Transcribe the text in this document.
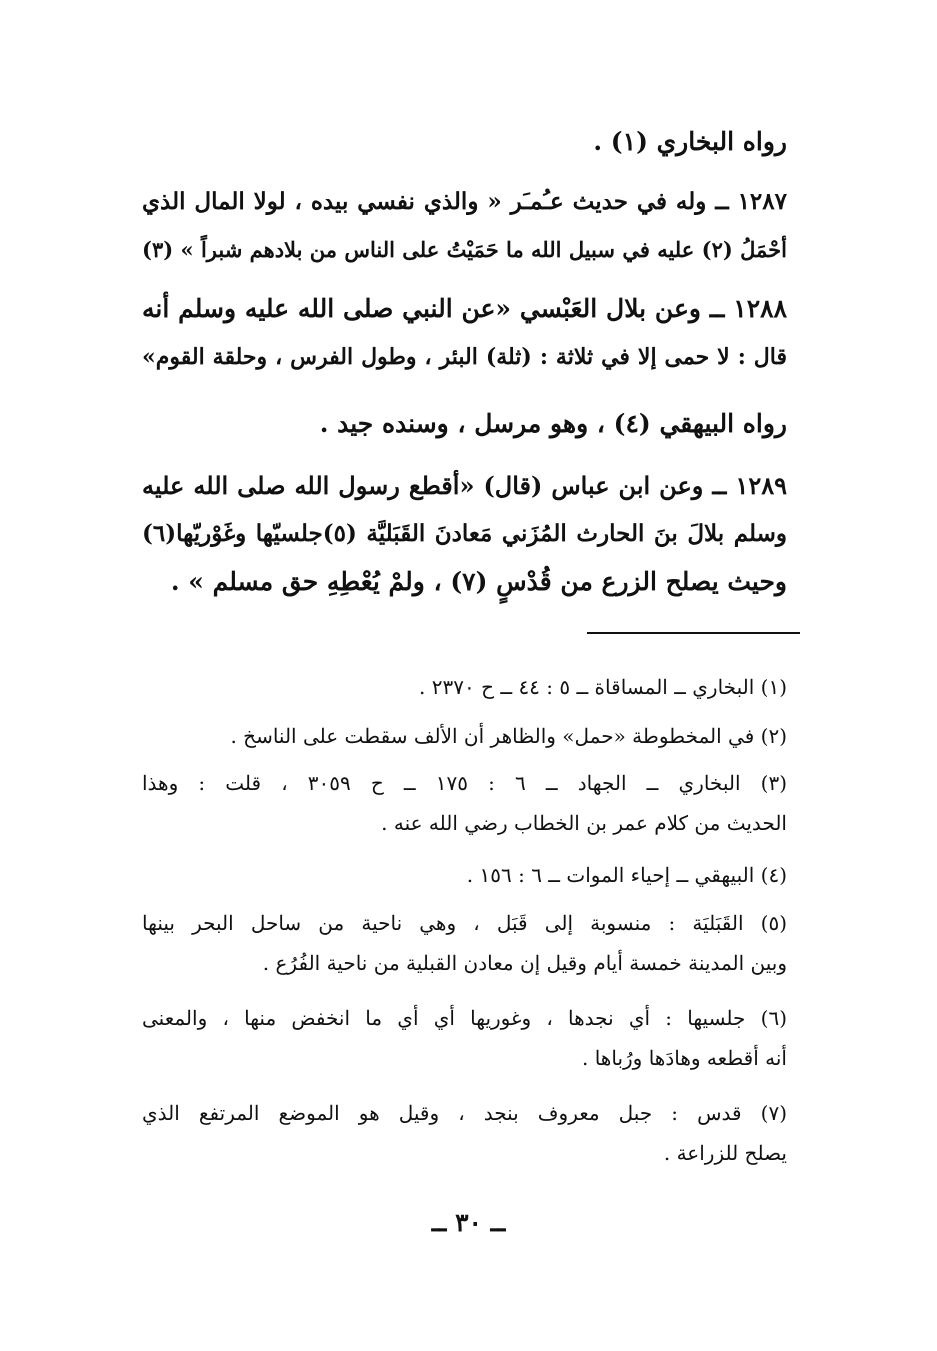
رواه البخاري (١) .
١٢٨٧ ــ وله في حديث عـُمـَر « والذي نفسي بيده ، لولا المال الذي
أحْمَلُ (٢) عليه في سبيل الله ما حَمَيْتُ على الناس من بلادهم شبراً » (٣)
١٢٨٨ ــ وعن بلال العَبْسي «عن النبي صلى الله عليه وسلم أنه
قال : لا حمى إلا في ثلاثة : (ثلة) البئر ، وطول الفرس ، وحلقة القوم»
رواه البيهقي (٤) ، وهو مرسل ، وسنده جيد .
١٢٨٩ ــ وعن ابن عباس (قال) «أقطع رسول الله صلى الله عليه
وسلم بلالَ بنَ الحارث المُزَني مَعادنَ القَبَليَّة (٥)جلسيّها وغَوْريّها(٦)
وحيث يصلح الزرع من قُدْسٍ (٧) ، ولمْ يُعْطِهِ حق مسلم » .
(١) البخاري ــ المساقاة ــ ٥ : ٤٤ ــ ح ٢٣٧٠ .
(٢) في المخطوطة «حمل» والظاهر أن الألف سقطت على الناسخ .
(٣) البخاري ــ الجهاد ــ ٦ : ١٧٥ ــ ح ٣٠٥٩ ، قلت : وهذا
الحديث من كلام عمر بن الخطاب رضي الله عنه .
(٤) البيهقي ــ إحياء الموات ــ ٦ : ١٥٦ .
(٥) القَبَليَة : منسوبة إلى قَبَل ، وهي ناحية من ساحل البحر بينها
وبين المدينة خمسة أيام وقيل إن معادن القبلية من ناحية الفُرُع .
(٦) جلسيها : أي نجدها ، وغوريها أي أي ما انخفض منها ، والمعنى
أنه أقطعه وهادَها ورُباها .
(٧) قدس : جبل معروف بنجد ، وقيل هو الموضع المرتفع الذي
يصلح للزراعة .
ــ ٣٠ ــ
